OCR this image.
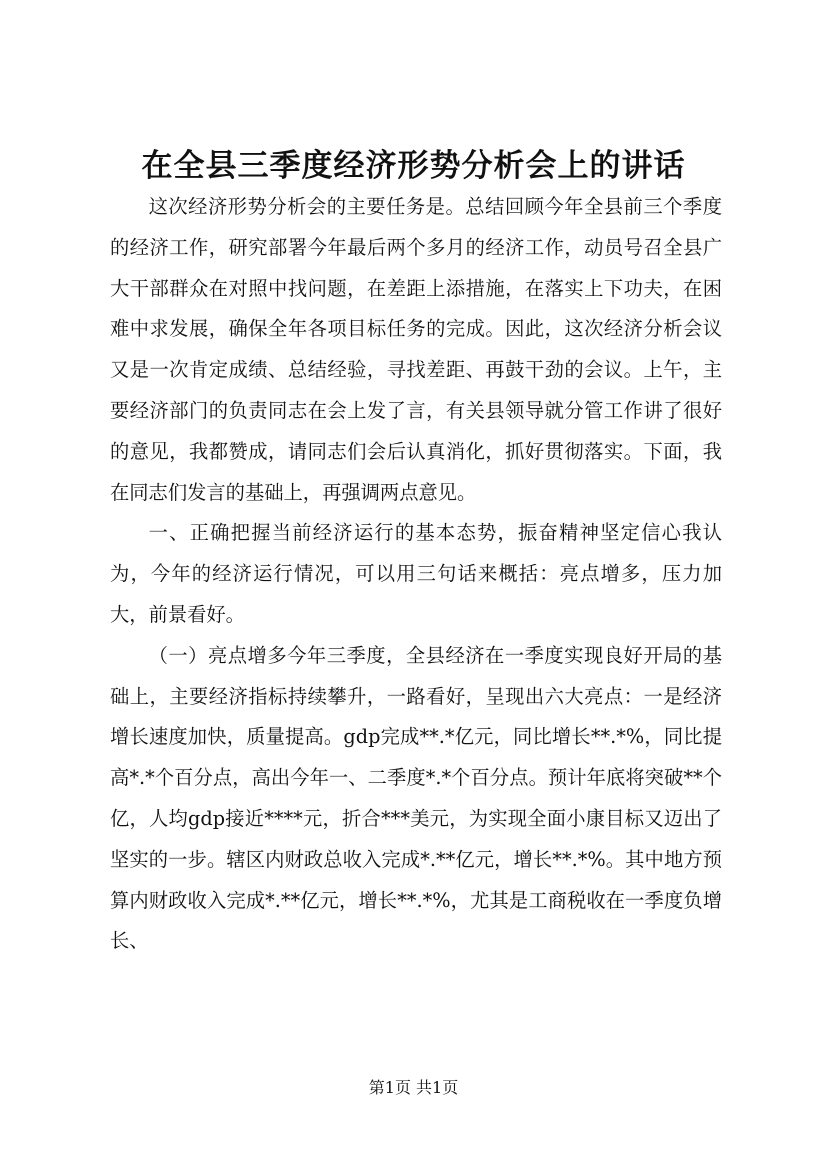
在全县三季度经济形势分析会上的讲话

这次经济形势分析会的主要任务是。总结回顾今年全县前三个季度的经济工作，研究部署今年最后两个多月的经济工作，动员号召全县广大干部群众在对照中找问题，在差距上添措施，在落实上下功夫，在困难中求发展，确保全年各项目标任务的完成。因此，这次经济分析会议又是一次肯定成绩、总结经验，寻找差距、再鼓干劲的会议。上午，主要经济部门的负责同志在会上发了言，有关县领导就分管工作讲了很好的意见，我都赞成，请同志们会后认真消化，抓好贯彻落实。下面，我在同志们发言的基础上，再强调两点意见。

一、正确把握当前经济运行的基本态势，振奋精神坚定信心我认为，今年的经济运行情况，可以用三句话来概括：亮点增多，压力加大，前景看好。

（一）亮点增多今年三季度，全县经济在一季度实现良好开局的基础上，主要经济指标持续攀升，一路看好，呈现出六大亮点：一是经济增长速度加快，质量提高。gdp完成**.*亿元，同比增长**.*%，同比提高*.*个百分点，高出今年一、二季度*.*个百分点。预计年底将突破**个亿，人均gdp接近****元，折合***美元，为实现全面小康目标又迈出了坚实的一步。辖区内财政总收入完成*.**亿元，增长**.*%。其中地方预算内财政收入完成*.**亿元，增长**.*%，尤其是工商税收在一季度负增长、

第1页 共1页
